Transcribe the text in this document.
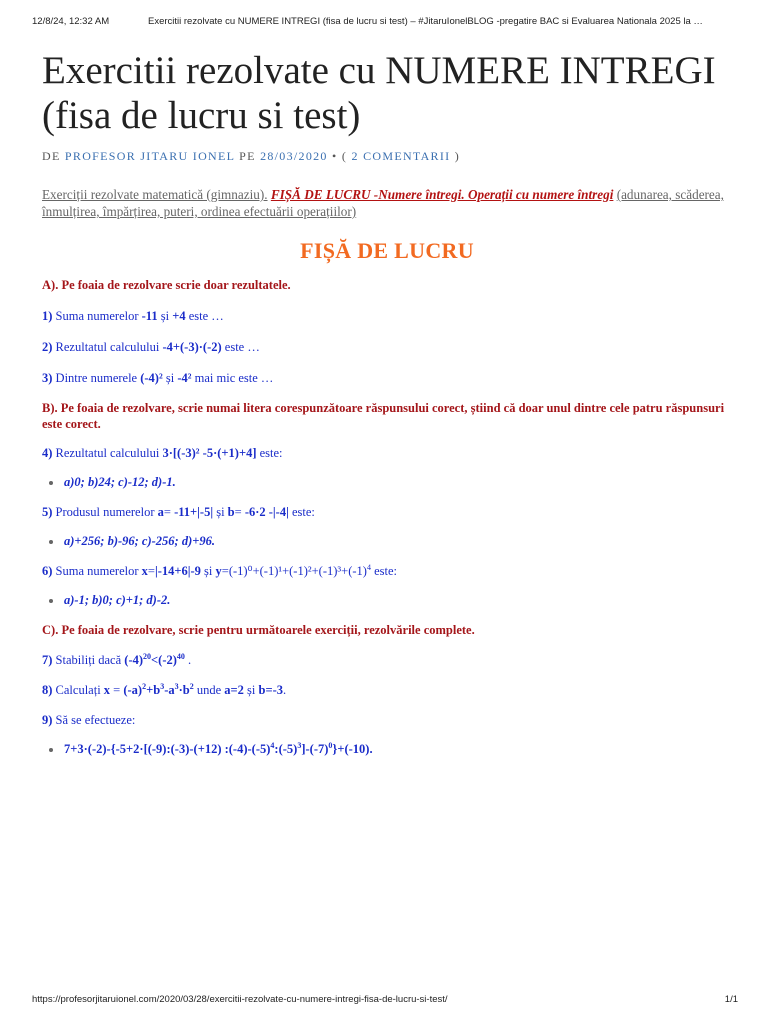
12/8/24, 12:32 AM	Exercitii rezolvate cu NUMERE INTREGI (fisa de lucru si test) – #JitaruIonelBLOG -pregatire BAC si Evaluarea Nationala 2025 la …
Exercitii rezolvate cu NUMERE INTREGI
(fisa de lucru si test)
DE PROFESOR JITARU IONEL PE 28/03/2020 • ( 2 COMENTARII )
Exerciții rezolvate matematică (gimnaziu). FIȘĂ DE LUCRU -Numere întregi. Operații cu numere întregi (adunarea, scăderea, înmulțirea, împărțirea, puteri, ordinea efectuării operațiilor)
FIȘĂ DE LUCRU
A). Pe foaia de rezolvare scrie doar rezultatele.
1) Suma numerelor -11 și +4 este …
2) Rezultatul calculului -4+(-3)·(-2) este …
3) Dintre numerele (-4)² și -4² mai mic este …
B). Pe foaia de rezolvare, scrie numai litera corespunzătoare răspunsului corect, știind că doar unul dintre cele patru răspunsuri este corect.
4) Rezultatul calculului 3·[(-3)² -5·(+1)+4] este:
a)0; b)24; c)-12; d)-1.
5) Produsul numerelor a= -11+|-5| și b= -6·2 -|-4| este:
a)+256; b)-96; c)-256; d)+96.
6) Suma numerelor x=|-14+6|-9 și $y=(-1)^0+(-1)^1+(-1)^2+(-1)^3+(-1)^4$ este:
a)-1; b)0; c)+1; d)-2.
C). Pe foaia de rezolvare, scrie pentru următoarele exerciții, rezolvările complete.
7) Stabiliți dacă $(-4)^{20}<(-2)^{40}$ .
8) Calculați $x = (-a)^2+b^3-a^3\cdot b^2$ unde a=2 și b=-3.
9) Să se efectueze:
7+3·(-2)-{-5+2·[(-9):(-3)-(+12) $:(-4)-(-5)^4:(-5)^3]-(-7)^0\}+(-10)$.
https://profesorjitaruionel.com/2020/03/28/exercitii-rezolvate-cu-numere-intregi-fisa-de-lucru-si-test/	1/1
